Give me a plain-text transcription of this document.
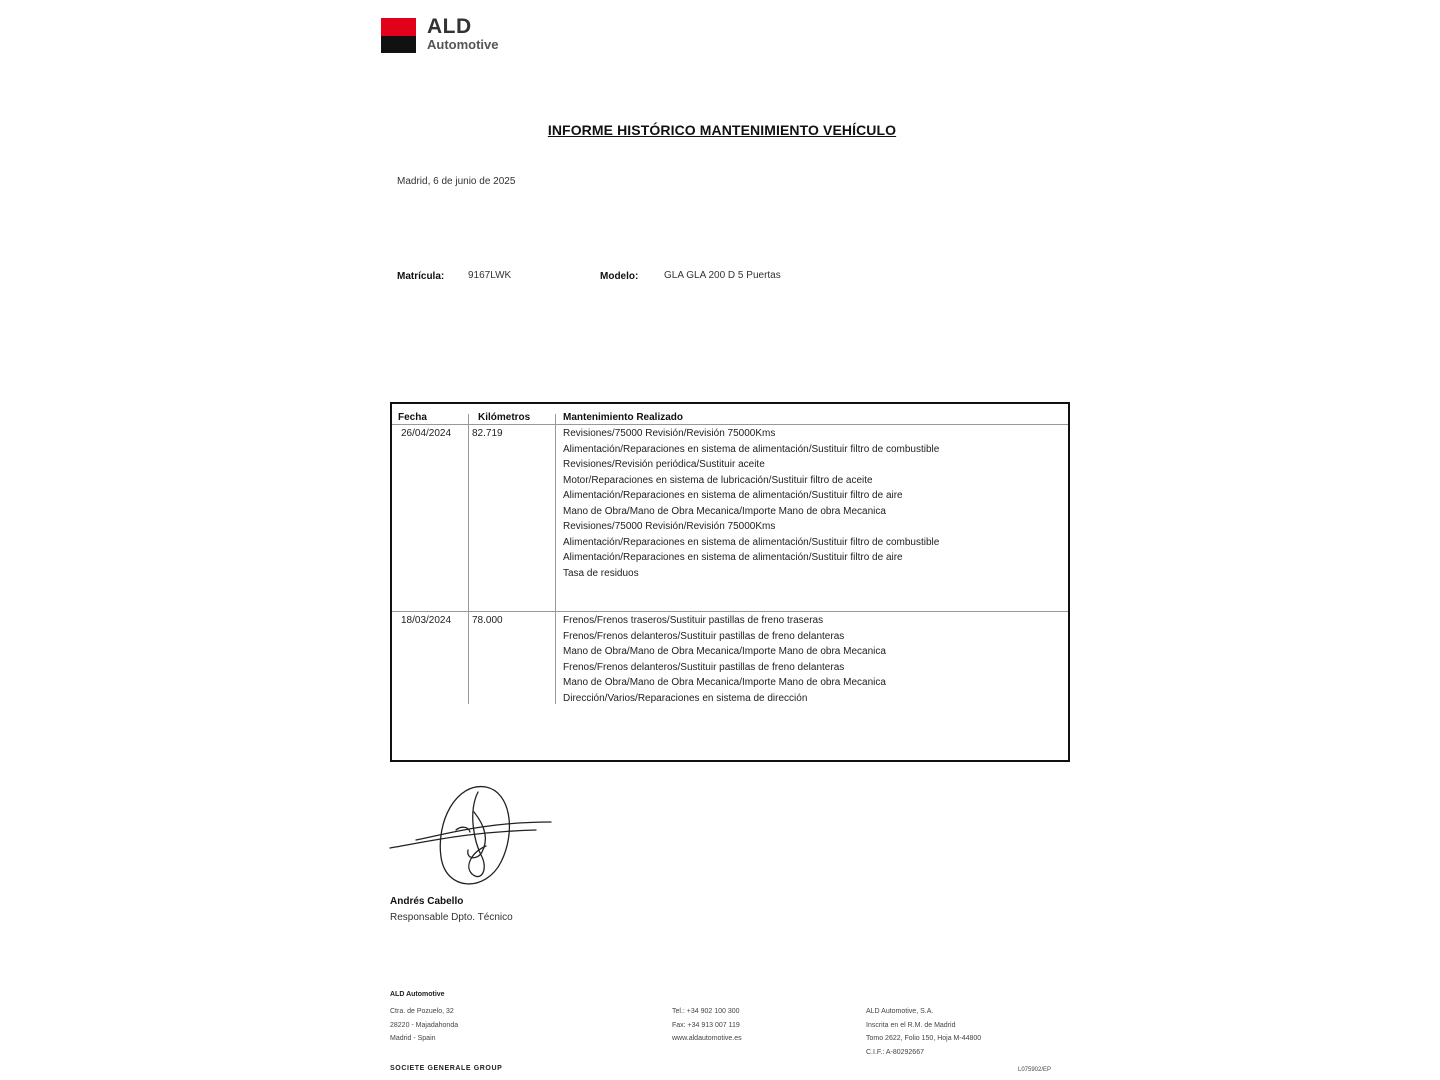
ALD
Automotive
INFORME HISTÓRICO MANTENIMIENTO VEHÍCULO
Madrid, 6 de junio de 2025
Matrícula: 9167LWK	Modelo:	GLA GLA 200 D 5 Puertas
Fecha	Kilómetros	Mantenimiento Realizado
26/04/2024 82.719	Revisiones/75000 Revisión/Revisión 75000Kms
Alimentación/Reparaciones en sistema de alimentación/Sustituir filtro de combustible
Revisiones/Revisión periódica/Sustituir aceite
Motor/Reparaciones en sistema de lubricación/Sustituir filtro de aceite
Alimentación/Reparaciones en sistema de alimentación/Sustituir filtro de aire
Mano de Obra/Mano de Obra Mecanica/Importe Mano de obra Mecanica
Revisiones/75000 Revisión/Revisión 75000Kms
Alimentación/Reparaciones en sistema de alimentación/Sustituir filtro de combustible
Alimentación/Reparaciones en sistema de alimentación/Sustituir filtro de aire
Tasa de residuos
18/03/2024 78.000	Frenos/Frenos traseros/Sustituir pastillas de freno traseras
Frenos/Frenos delanteros/Sustituir pastillas de freno delanteras
Mano de Obra/Mano de Obra Mecanica/Importe Mano de obra Mecanica
Frenos/Frenos delanteros/Sustituir pastillas de freno delanteras
Mano de Obra/Mano de Obra Mecanica/Importe Mano de obra Mecanica
Dirección/Varios/Reparaciones en sistema de dirección
Andrés Cabello
Responsable Dpto. Técnico
ALD Automotive
Ctra. de Pozuelo, 32
28220 - Majadahonda
Madrid - Spain
SOCIETE GENERALE GROUP
Tel.: +34 902 100 300
Fax: +34 913 007 119
www.aldautomotive.es
ALD Automotive, S.A.
Inscrita en el R.M. de Madrid
Tomo 2622, Folio 150, Hoja M-44800
C.I.F.: A-80292667
L075902/EP
